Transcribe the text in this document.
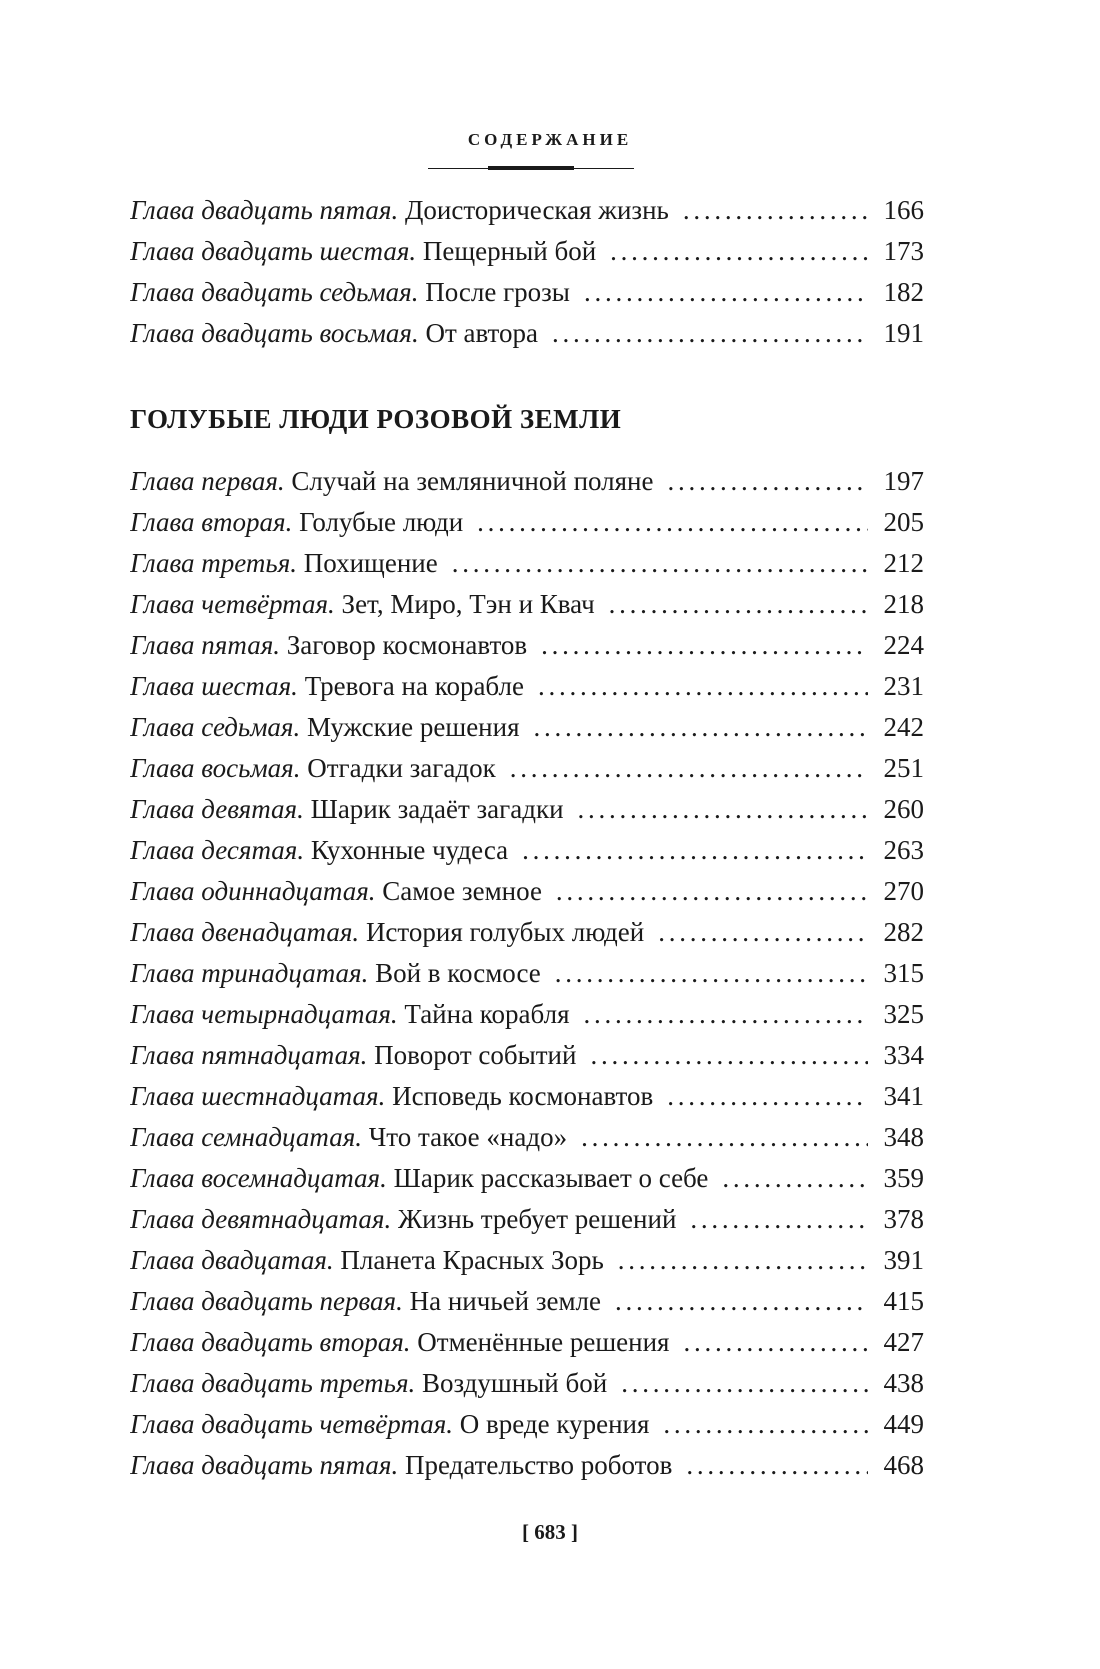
СОДЕРЖАНИЕ
Глава двадцать пятая. Доисторическая жизнь . . .	166
Глава двадцать шестая. Пещерный бой . . .	173
Глава двадцать седьмая. После грозы . . .	182
Глава двадцать восьмая. От автора . . .	191
ГОЛУБЫЕ ЛЮДИ РОЗОВОЙ ЗЕМЛИ
Глава первая. Случай на земляничной поляне . . .	197
Глава вторая. Голубые люди . . .	205
Глава третья. Похищение . . .	212
Глава четвёртая. Зет, Миро, Тэн и Квач . . .	218
Глава пятая. Заговор космонавтов . . .	224
Глава шестая. Тревога на корабле . . .	231
Глава седьмая. Мужские решения . . .	242
Глава восьмая. Отгадки загадок . . .	251
Глава девятая. Шарик задаёт загадки . . .	260
Глава десятая. Кухонные чудеса . . .	263
Глава одиннадцатая. Самое земное . . .	270
Глава двенадцатая. История голубых людей . . .	282
Глава тринадцатая. Вой в космосе . . .	315
Глава четырнадцатая. Тайна корабля . . .	325
Глава пятнадцатая. Поворот событий . . .	334
Глава шестнадцатая. Исповедь космонавтов . . .	341
Глава семнадцатая. Что такое «надо» . . .	348
Глава восемнадцатая. Шарик рассказывает о себе . . .	359
Глава девятнадцатая. Жизнь требует решений . . .	378
Глава двадцатая. Планета Красных Зорь . . .	391
Глава двадцать первая. На ничьей земле . . .	415
Глава двадцать вторая. Отменённые решения . . .	427
Глава двадцать третья. Воздушный бой . . .	438
Глава двадцать четвёртая. О вреде курения . . .	449
Глава двадцать пятая. Предательство роботов . . .	468
[ 683 ]
